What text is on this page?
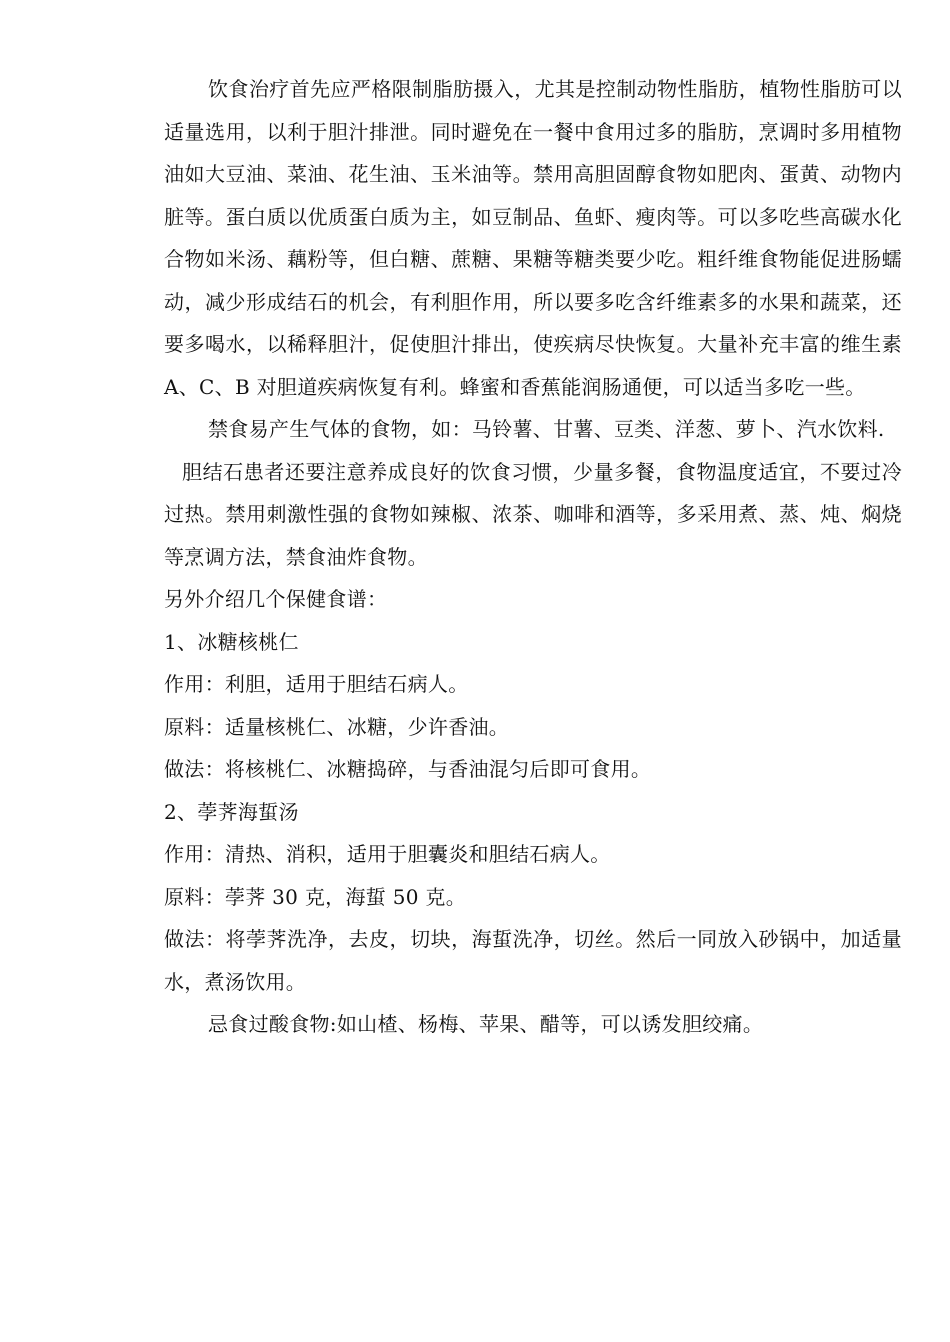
饮食治疗首先应严格限制脂肪摄入，尤其是控制动物性脂肪，植物性脂肪可以适量选用，以利于胆汁排泄。同时避免在一餐中食用过多的脂肪，烹调时多用植物油如大豆油、菜油、花生油、玉米油等。禁用高胆固醇食物如肥肉、蛋黄、动物内脏等。蛋白质以优质蛋白质为主，如豆制品、鱼虾、瘦肉等。可以多吃些高碳水化合物如米汤、藕粉等，但白糖、蔗糖、果糖等糖类要少吃。粗纤维食物能促进肠蠕动，减少形成结石的机会，有利胆作用，所以要多吃含纤维素多的水果和蔬菜，还要多喝水，以稀释胆汁，促使胆汁排出，使疾病尽快恢复。大量补充丰富的维生素 A、C、B 对胆道疾病恢复有利。蜂蜜和香蕉能润肠通便，可以适当多吃一些。

禁食易产生气体的食物，如：马铃薯、甘薯、豆类、洋葱、萝卜、汽水饮料.

胆结石患者还要注意养成良好的饮食习惯，少量多餐，食物温度适宜，不要过冷过热。禁用刺激性强的食物如辣椒、浓茶、咖啡和酒等，多采用煮、蒸、炖、焖烧等烹调方法，禁食油炸食物。

另外介绍几个保健食谱：

1、冰糖核桃仁

作用：利胆，适用于胆结石病人。

原料：适量核桃仁、冰糖，少许香油。

做法：将核桃仁、冰糖捣碎，与香油混匀后即可食用。

2、荸荠海蜇汤

作用：清热、消积，适用于胆囊炎和胆结石病人。

原料：荸荠 30 克，海蜇 50 克。

做法：将荸荠洗净，去皮，切块，海蜇洗净，切丝。然后一同放入砂锅中，加适量水，煮汤饮用。

忌食过酸食物:如山楂、杨梅、苹果、醋等，可以诱发胆绞痛。
